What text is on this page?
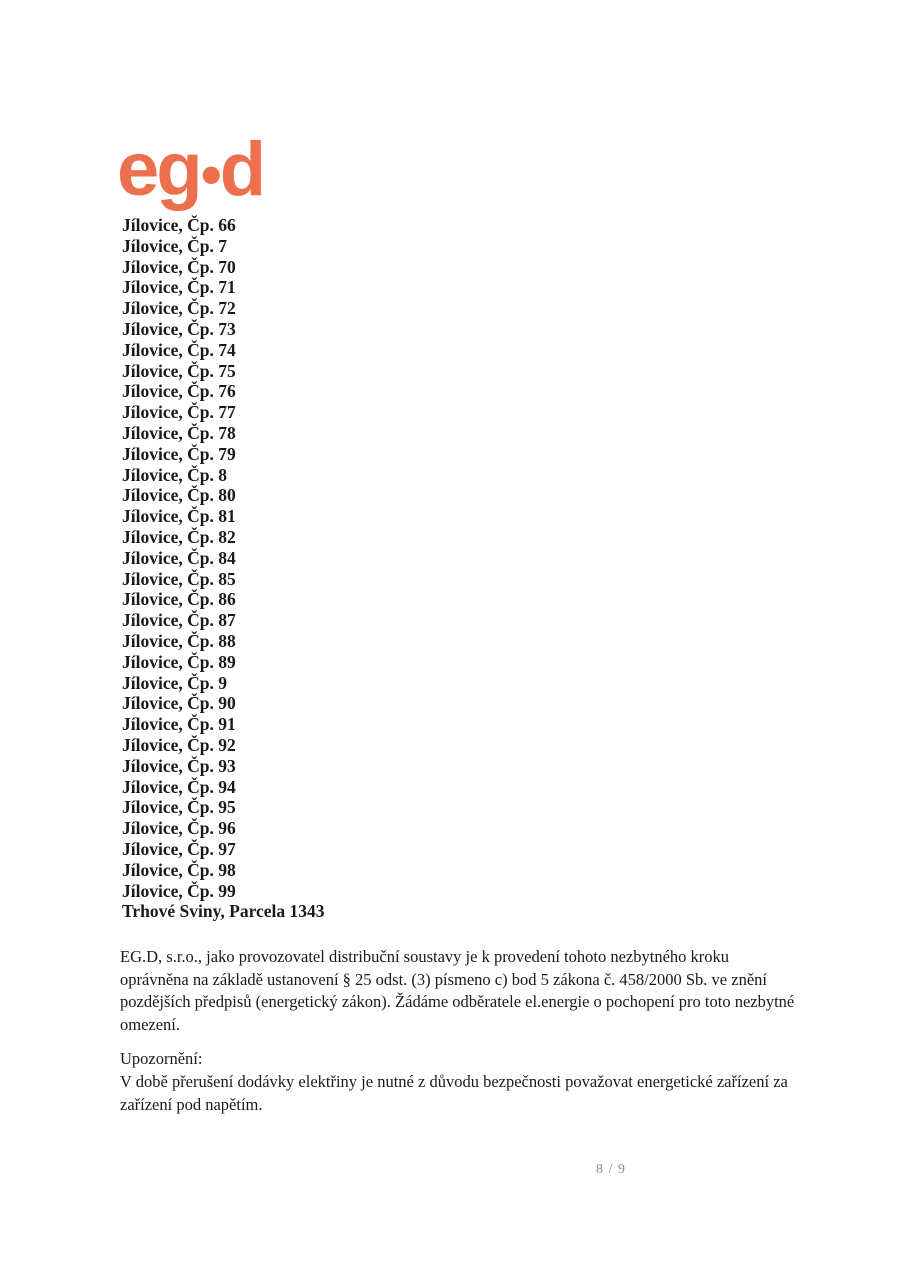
eg•d
Jílovice, Čp. 66
Jílovice, Čp. 7
Jílovice, Čp. 70
Jílovice, Čp. 71
Jílovice, Čp. 72
Jílovice, Čp. 73
Jílovice, Čp. 74
Jílovice, Čp. 75
Jílovice, Čp. 76
Jílovice, Čp. 77
Jílovice, Čp. 78
Jílovice, Čp. 79
Jílovice, Čp. 8
Jílovice, Čp. 80
Jílovice, Čp. 81
Jílovice, Čp. 82
Jílovice, Čp. 84
Jílovice, Čp. 85
Jílovice, Čp. 86
Jílovice, Čp. 87
Jílovice, Čp. 88
Jílovice, Čp. 89
Jílovice, Čp. 9
Jílovice, Čp. 90
Jílovice, Čp. 91
Jílovice, Čp. 92
Jílovice, Čp. 93
Jílovice, Čp. 94
Jílovice, Čp. 95
Jílovice, Čp. 96
Jílovice, Čp. 97
Jílovice, Čp. 98
Jílovice, Čp. 99
Trhové Sviny, Parcela 1343

EG.D, s.r.o., jako provozovatel distribuční soustavy je k provedení tohoto nezbytného kroku oprávněna na základě ustanovení § 25 odst. (3) písmeno c) bod 5 zákona č. 458/2000 Sb. ve znění pozdějších předpisů (energetický zákon). Žádáme odběratele el.energie o pochopení pro toto nezbytné omezení.

Upozornění:

V době přerušení dodávky elektřiny je nutné z důvodu bezpečnosti považovat energetické zařízení za zařízení pod napětím.

8 / 9
